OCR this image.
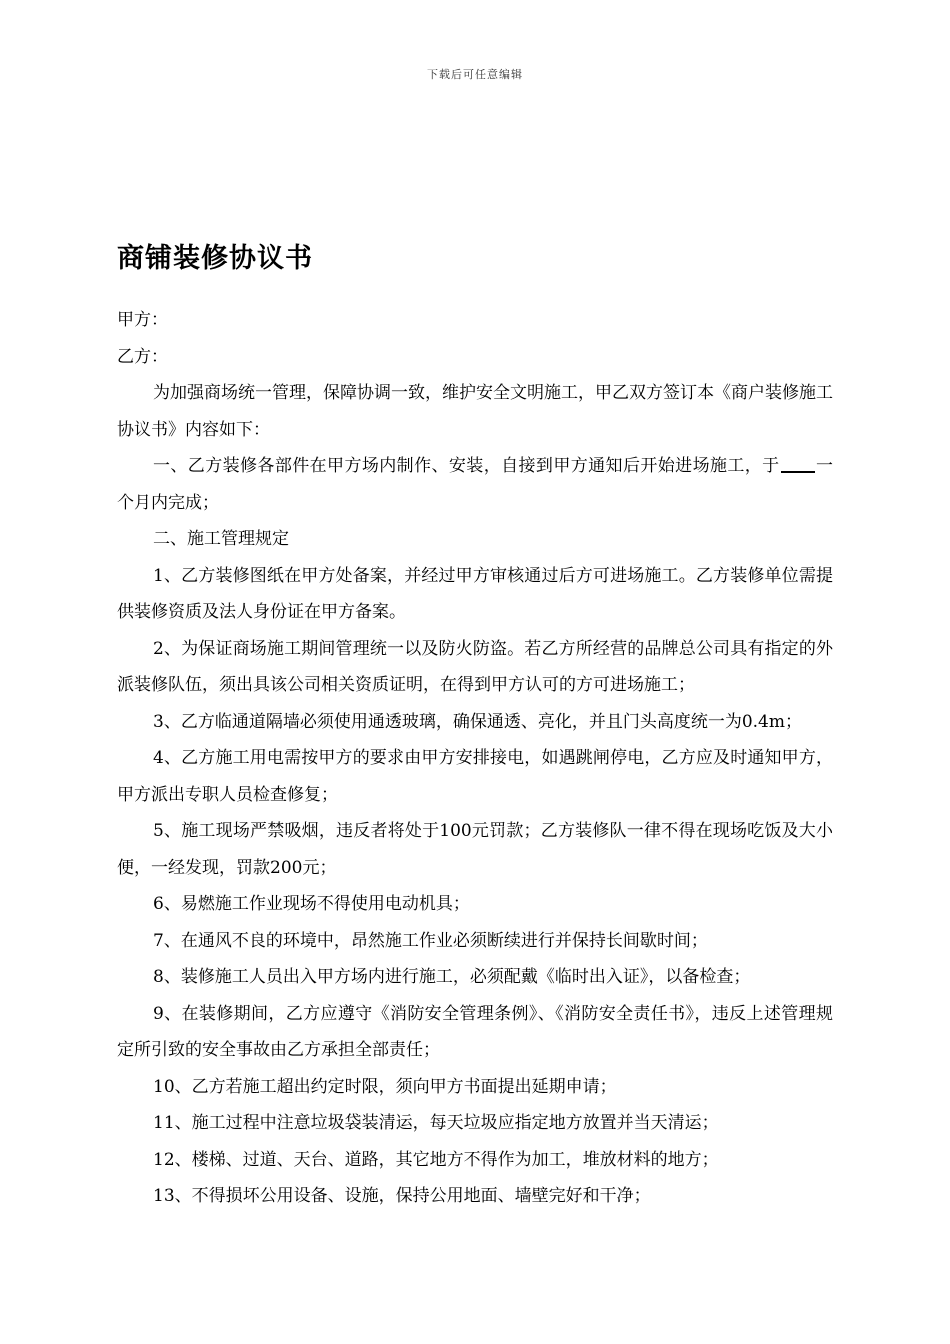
下载后可任意编辑
商铺装修协议书

甲方：

乙方：

为加强商场统一管理，保障协调一致，维护安全文明施工，甲乙双方签订本《商户装修施工协议书》内容如下：

一、乙方装修各部件在甲方场内制作、安装，自接到甲方通知后开始进场施工，于 一个月内完成；

二、施工管理规定

1、乙方装修图纸在甲方处备案，并经过甲方审核通过后方可进场施工。乙方装修单位需提供装修资质及法人身份证在甲方备案。

2、为保证商场施工期间管理统一以及防火防盗。若乙方所经营的品牌总公司具有指定的外派装修队伍，须出具该公司相关资质证明，在得到甲方认可的方可进场施工；

3、乙方临通道隔墙必须使用通透玻璃，确保通透、亮化，并且门头高度统一为0.4m；

4、乙方施工用电需按甲方的要求由甲方安排接电，如遇跳闸停电，乙方应及时通知甲方，甲方派出专职人员检查修复；

5、施工现场严禁吸烟，违反者将处于100元罚款；乙方装修队一律不得在现场吃饭及大小便，一经发现，罚款200元；

6、易燃施工作业现场不得使用电动机具；

7、在通风不良的环境中，昂然施工作业必须断续进行并保持长间歇时间；

8、装修施工人员出入甲方场内进行施工，必须配戴《临时出入证》，以备检查；

9、在装修期间，乙方应遵守《消防安全管理条例》、《消防安全责任书》，违反上述管理规定所引致的安全事故由乙方承担全部责任；

10、乙方若施工超出约定时限，须向甲方书面提出延期申请；

11、施工过程中注意垃圾袋装清运，每天垃圾应指定地方放置并当天清运；

12、楼梯、过道、天台、道路，其它地方不得作为加工，堆放材料的地方；

13、不得损坏公用设备、设施，保持公用地面、墙壁完好和干净；
